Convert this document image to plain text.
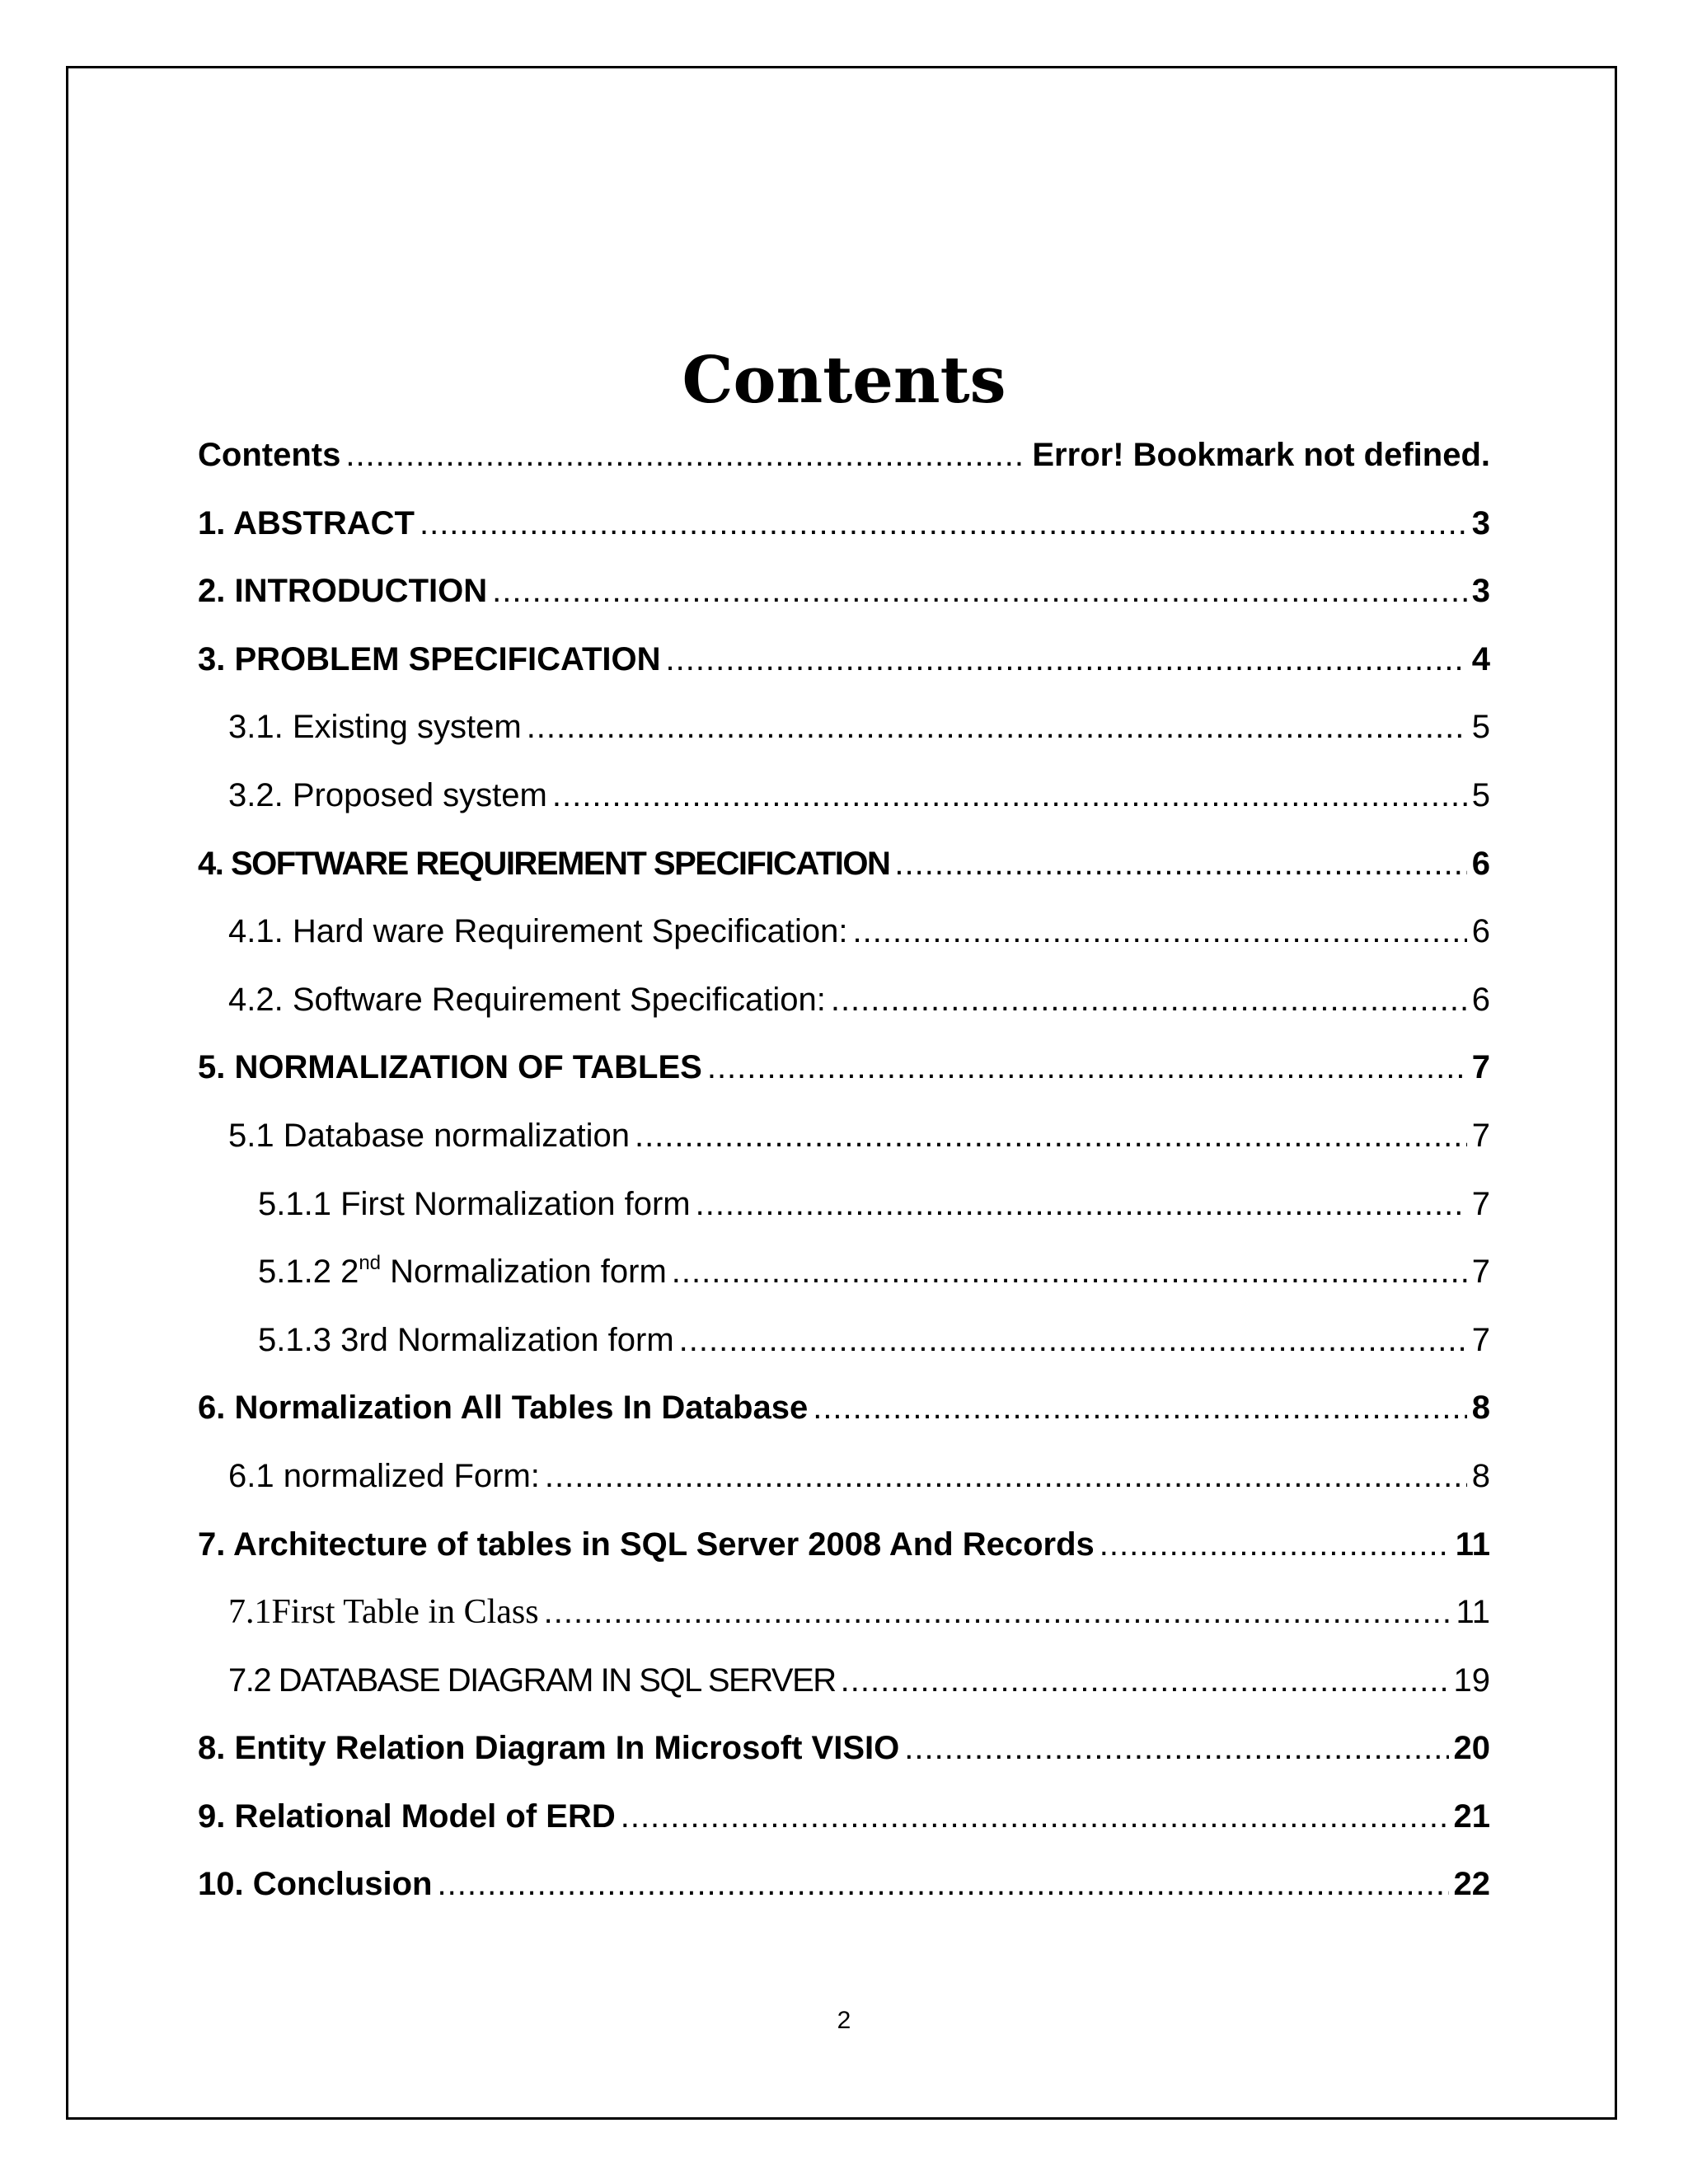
Contents
Contents .....	Error! Bookmark not defined.
1. ABSTRACT .....	3
2. INTRODUCTION .....	3
3. PROBLEM SPECIFICATION .....	4
3.1. Existing system .....	5
3.2. Proposed system .....	5
4. SOFTWARE REQUIREMENT SPECIFICATION .....	6
4.1. Hard ware Requirement Specification: .....	6
4.2. Software Requirement Specification: .....	6
5. NORMALIZATION OF TABLES .....	7
5.1 Database normalization .....	7
5.1.1 First Normalization form .....	7
5.1.2 2nd Normalization form .....	7
5.1.3 3rd Normalization form .....	7
6. Normalization All Tables In Database .....	8
6.1 normalized Form: .....	8
7. Architecture of tables in SQL Server 2008 And Records .....	11
7.1First Table in Class .....	11
7.2 DATABASE DIAGRAM IN SQL SERVER .....	19
8. Entity Relation Diagram In Microsoft VISIO .....	20
9. Relational Model of ERD .....	21
10. Conclusion .....	22
2
